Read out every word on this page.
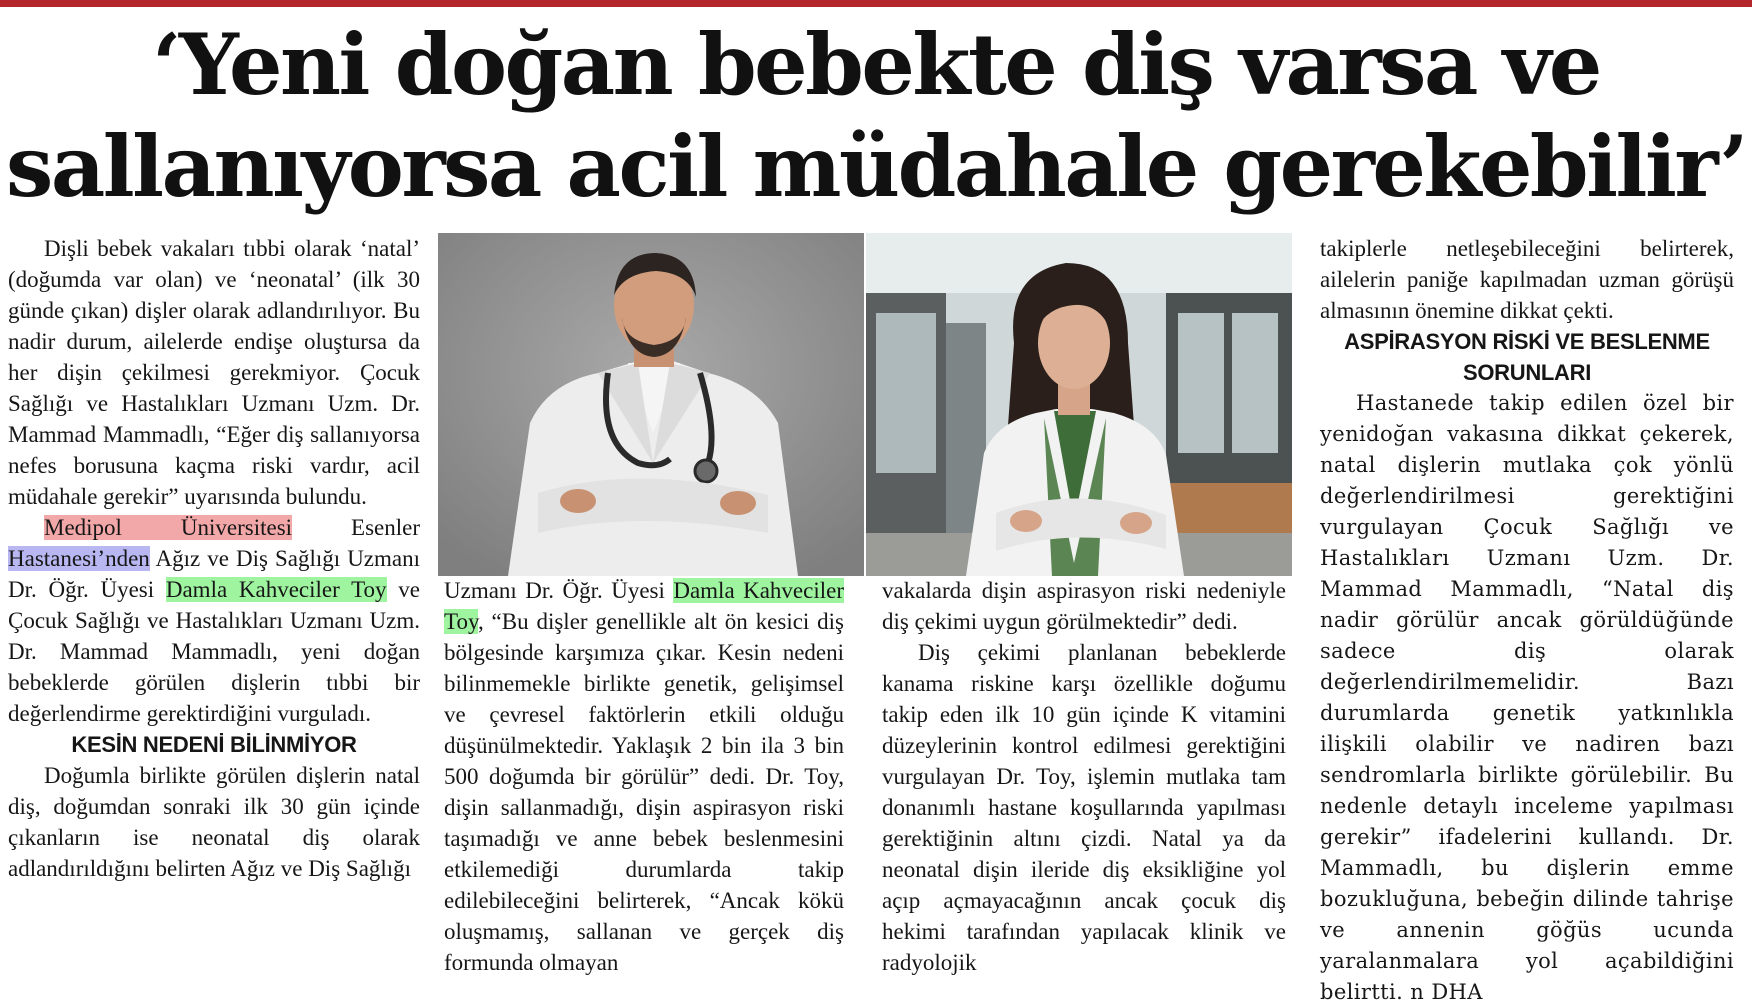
‘Yeni doğan bebekte diş varsa ve
sallanıyorsa acil müdahale gerekebilir’

Dişli bebek vakaları tıbbi olarak ‘natal’ (doğumda var olan) ve ‘neonatal’ (ilk 30 günde çıkan) dişler olarak adlandırılıyor. Bu nadir durum, ailelerde endişe oluştursa da her dişin çekilmesi gerekmiyor. Çocuk Sağlığı ve Hastalıkları Uzmanı Uzm. Dr. Mammad Mammadlı, “Eğer diş sallanıyorsa nefes borusuna kaçma riski vardır, acil müdahale gerekir” uyarısında bulundu.

Medipol Üniversitesi Esenler Hastanesi’nden Ağız ve Diş Sağlığı Uzmanı Dr. Öğr. Üyesi Damla Kahveciler Toy ve Çocuk Sağlığı ve Hastalıkları Uzmanı Uzm. Dr. Mammad Mammadlı, yeni doğan bebeklerde görülen dişlerin tıbbi bir değerlendirme gerektirdiğini vurguladı.

KESİN NEDENİ BİLİNMİYOR

Doğumla birlikte görülen dişlerin natal diş, doğumdan sonraki ilk 30 gün içinde çıkanların ise neonatal diş olarak adlandırıldığını belirten Ağız ve Diş Sağlığı

Uzmanı Dr. Öğr. Üyesi Damla Kahveciler Toy, “Bu dişler genellikle alt ön kesici diş bölgesinde karşımıza çıkar. Kesin nedeni bilinmemekle birlikte genetik, gelişimsel ve çevresel faktörlerin etkili olduğu düşünülmektedir. Yaklaşık 2 bin ila 3 bin 500 doğumda bir görülür” dedi. Dr. Toy, dişin sallanmadığı, dişin aspirasyon riski taşımadığı ve anne bebek beslenmesini etkilemediği durumlarda takip edilebileceğini belirterek, “Ancak kökü oluşmamış, sallanan ve gerçek diş formunda olmayan

vakalarda dişin aspirasyon riski nedeniyle diş çekimi uygun görülmektedir” dedi.

Diş çekimi planlanan bebeklerde kanama riskine karşı özellikle doğumu takip eden ilk 10 gün içinde K vitamini düzeylerinin kontrol edilmesi gerektiğini vurgulayan Dr. Toy, işlemin mutlaka tam donanımlı hastane koşullarında yapılması gerektiğinin altını çizdi. Natal ya da neonatal dişin ileride diş eksikliğine yol açıp açmayacağının ancak çocuk diş hekimi tarafından yapılacak klinik ve radyolojik

takiplerle netleşebileceğini belirterek, ailelerin paniğe kapılmadan uzman görüşü almasının önemine dikkat çekti.

ASPİRASYON RİSKİ VE BESLENME SORUNLARI

Hastanede takip edilen özel bir yenidoğan vakasına dikkat çekerek, natal dişlerin mutlaka çok yönlü değerlendirilmesi gerektiğini vurgulayan Çocuk Sağlığı ve Hastalıkları Uzmanı Uzm. Dr. Mammad Mammadlı, “Natal diş nadir görülür ancak görüldüğünde sadece diş olarak değerlendirilmemelidir. Bazı durumlarda genetik yatkınlıkla ilişkili olabilir ve nadiren bazı sendromlarla birlikte görülebilir. Bu nedenle detaylı inceleme yapılması gerekir” ifadelerini kullandı. Dr. Mammadlı, bu dişlerin emme bozukluğuna, bebeğin dilinde tahrişe ve annenin göğüs ucunda yaralanmalara yol açabildiğini belirtti. n DHA
